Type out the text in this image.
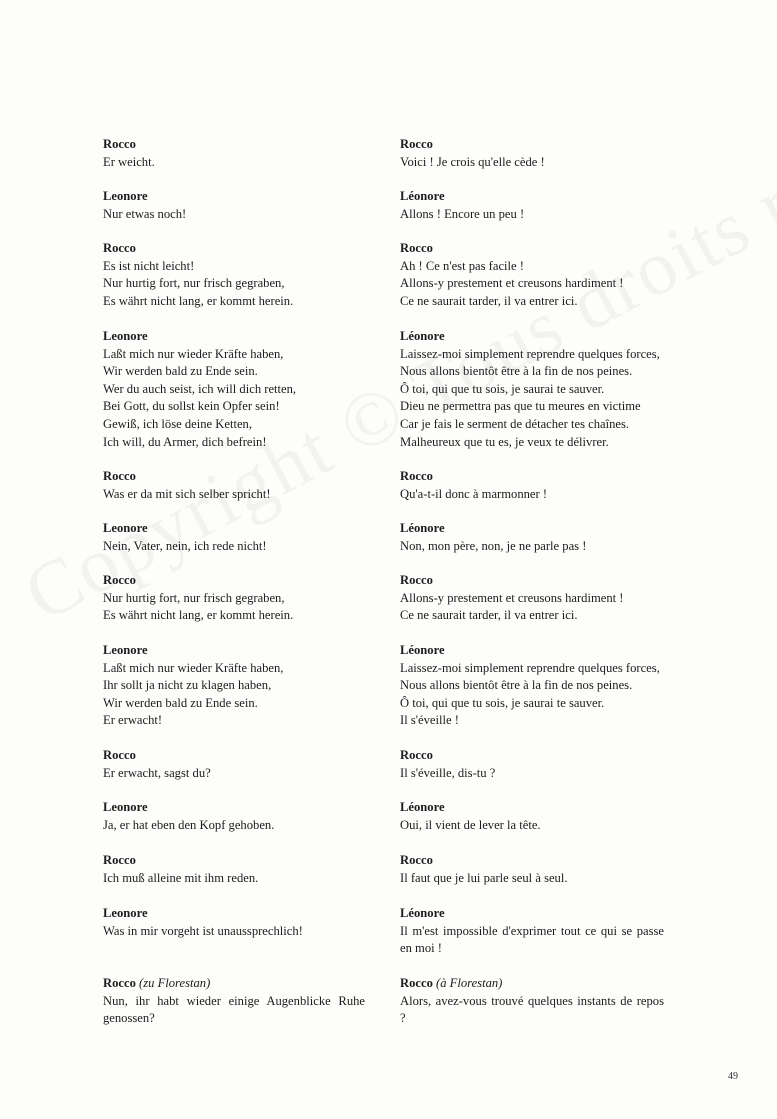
Rocco
Er weicht.
Leonore
Nur etwas noch!
Rocco
Es ist nicht leicht!
Nur hurtig fort, nur frisch gegraben,
Es währt nicht lang, er kommt herein.
Leonore
Laßt mich nur wieder Kräfte haben,
Wir werden bald zu Ende sein.
Wer du auch seist, ich will dich retten,
Bei Gott, du sollst kein Opfer sein!
Gewiß, ich löse deine Ketten,
Ich will, du Armer, dich befrein!
Rocco
Was er da mit sich selber spricht!
Leonore
Nein, Vater, nein, ich rede nicht!
Rocco
Nur hurtig fort, nur frisch gegraben,
Es währt nicht lang, er kommt herein.
Leonore
Laßt mich nur wieder Kräfte haben,
Ihr sollt ja nicht zu klagen haben,
Wir werden bald zu Ende sein.
Er erwacht!
Rocco
Er erwacht, sagst du?
Leonore
Ja, er hat eben den Kopf gehoben.
Rocco
Ich muß alleine mit ihm reden.
Leonore
Was in mir vorgeht ist unaussprechlich!
Rocco (zu Florestan)
Nun, ihr habt wieder einige Augenblicke Ruhe genossen?
Rocco
Voici ! Je crois qu'elle cède !
Léonore
Allons ! Encore un peu !
Rocco
Ah ! Ce n'est pas facile !
Allons-y prestement et creusons hardiment !
Ce ne saurait tarder, il va entrer ici.
Léonore
Laissez-moi simplement reprendre quelques forces,
Nous allons bientôt être à la fin de nos peines.
Ô toi, qui que tu sois, je saurai te sauver.
Dieu ne permettra pas que tu meures en victime
Car je fais le serment de détacher tes chaînes.
Malheureux que tu es, je veux te délivrer.
Rocco
Qu'a-t-il donc à marmonner !
Léonore
Non, mon père, non, je ne parle pas !
Rocco
Allons-y prestement et creusons hardiment !
Ce ne saurait tarder, il va entrer ici.
Léonore
Laissez-moi simplement reprendre quelques forces,
Nous allons bientôt être à la fin de nos peines.
Ô toi, qui que tu sois, je saurai te sauver.
Il s'éveille !
Rocco
Il s'éveille, dis-tu ?
Léonore
Oui, il vient de lever la tête.
Rocco
Il faut que je lui parle seul à seul.
Léonore
Il m'est impossible d'exprimer tout ce qui se passe en moi !
Rocco (à Florestan)
Alors, avez-vous trouvé quelques instants de repos ?
49
